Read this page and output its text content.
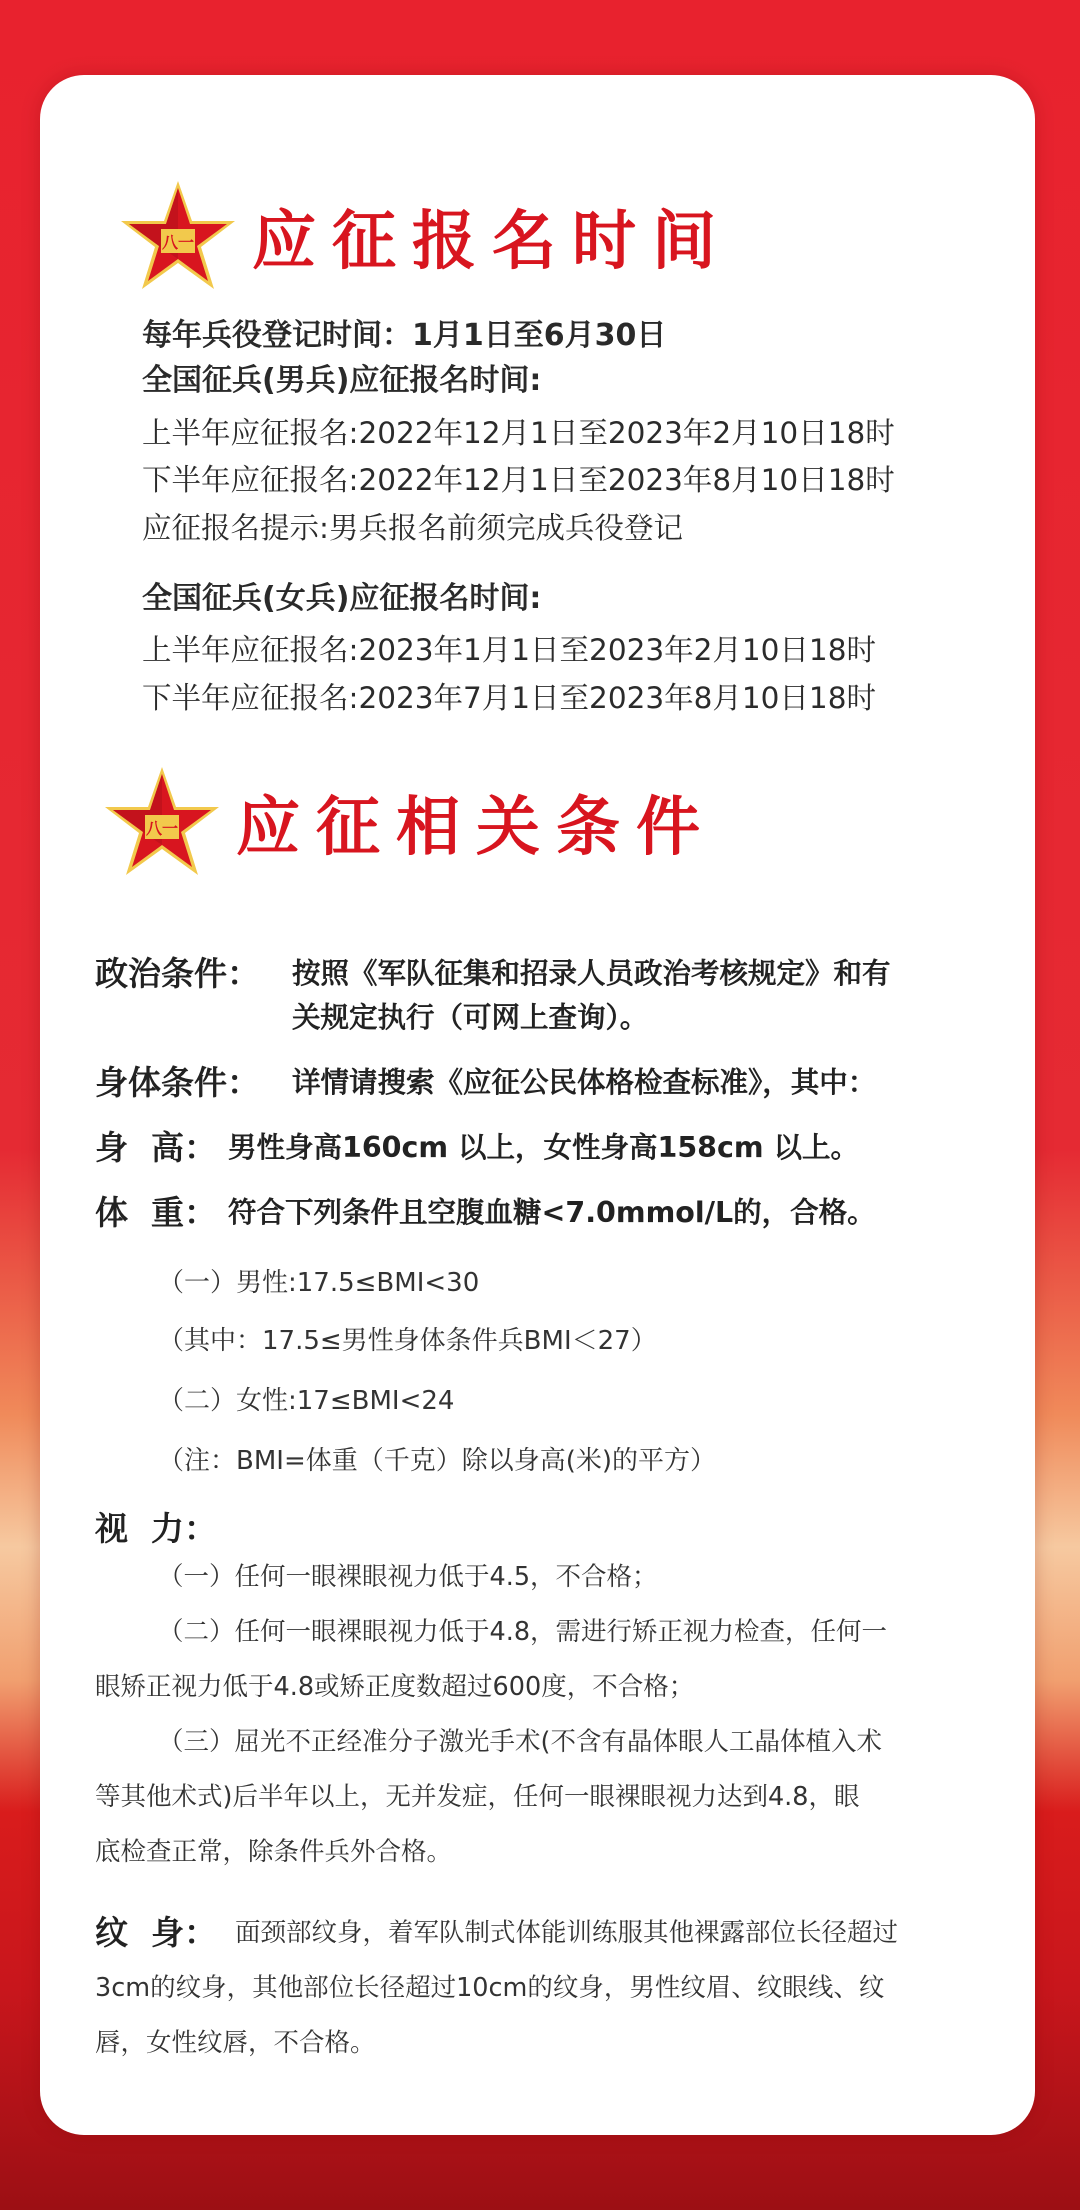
八一 应征报名时间
每年兵役登记时间：1月1日至6月30日
全国征兵(男兵)应征报名时间:
上半年应征报名:2022年12月1日至2023年2月10日18时
下半年应征报名:2022年12月1日至2023年8月10日18时
应征报名提示:男兵报名前须完成兵役登记
全国征兵(女兵)应征报名时间:
上半年应征报名:2023年1月1日至2023年2月10日18时
下半年应征报名:2023年7月1日至2023年8月10日18时
八一 应征相关条件
政治条件： 按照《军队征集和招录人员政治考核规定》和有
关规定执行（可网上查询）。
身体条件： 详情请搜索《应征公民体格检查标准》，其中：
身  高： 男性身高160cm 以上，女性身高158cm 以上。
体  重： 符合下列条件且空腹血糖<7.0mmol/L的，合格。
（一）男性:17.5≤BMI<30
（其中：17.5≤男性身体条件兵BMI＜27）
（二）女性:17≤BMI<24
（注：BMI=体重（千克）除以身高(米)的平方）
视  力：
（一）任何一眼裸眼视力低于4.5，不合格；
（二）任何一眼裸眼视力低于4.8，需进行矫正视力检查，任何一
眼矫正视力低于4.8或矫正度数超过600度，不合格；
（三）屈光不正经准分子激光手术(不含有晶体眼人工晶体植入术
等其他术式)后半年以上，无并发症，任何一眼裸眼视力达到4.8，眼
底检查正常，除条件兵外合格。
纹  身： 面颈部纹身，着军队制式体能训练服其他裸露部位长径超过
3cm的纹身，其他部位长径超过10cm的纹身，男性纹眉、纹眼线、纹
唇，女性纹唇，不合格。
